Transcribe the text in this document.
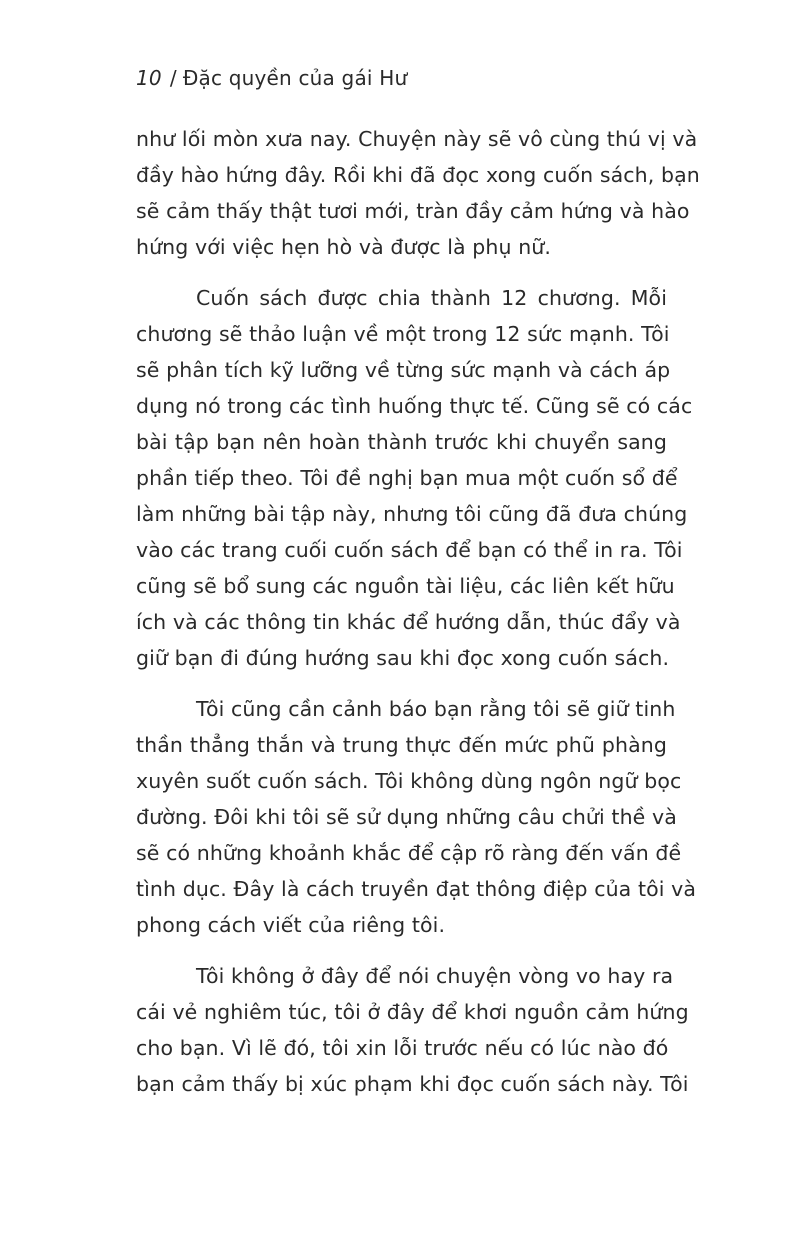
10 / Đặc quyền của gái Hư
như lối mòn xưa nay. Chuyện này sẽ vô cùng thú vị và
đầy hào hứng đây. Rồi khi đã đọc xong cuốn sách, bạn
sẽ cảm thấy thật tươi mới, tràn đầy cảm hứng và hào
hứng với việc hẹn hò và được là phụ nữ.
Cuốn sách được chia thành 12 chương. Mỗi
chương sẽ thảo luận về một trong 12 sức mạnh. Tôi
sẽ phân tích kỹ lưỡng về từng sức mạnh và cách áp
dụng nó trong các tình huống thực tế. Cũng sẽ có các
bài tập bạn nên hoàn thành trước khi chuyển sang
phần tiếp theo. Tôi đề nghị bạn mua một cuốn sổ để
làm những bài tập này, nhưng tôi cũng đã đưa chúng
vào các trang cuối cuốn sách để bạn có thể in ra. Tôi
cũng sẽ bổ sung các nguồn tài liệu, các liên kết hữu
ích và các thông tin khác để hướng dẫn, thúc đẩy và
giữ bạn đi đúng hướng sau khi đọc xong cuốn sách.
Tôi cũng cần cảnh báo bạn rằng tôi sẽ giữ tinh
thần thẳng thắn và trung thực đến mức phũ phàng
xuyên suốt cuốn sách. Tôi không dùng ngôn ngữ bọc
đường. Đôi khi tôi sẽ sử dụng những câu chửi thề và
sẽ có những khoảnh khắc để cập rõ ràng đến vấn đề
tình dục. Đây là cách truyền đạt thông điệp của tôi và
phong cách viết của riêng tôi.
Tôi không ở đây để nói chuyện vòng vo hay ra
cái vẻ nghiêm túc, tôi ở đây để khơi nguồn cảm hứng
cho bạn. Vì lẽ đó, tôi xin lỗi trước nếu có lúc nào đó
bạn cảm thấy bị xúc phạm khi đọc cuốn sách này. Tôi
